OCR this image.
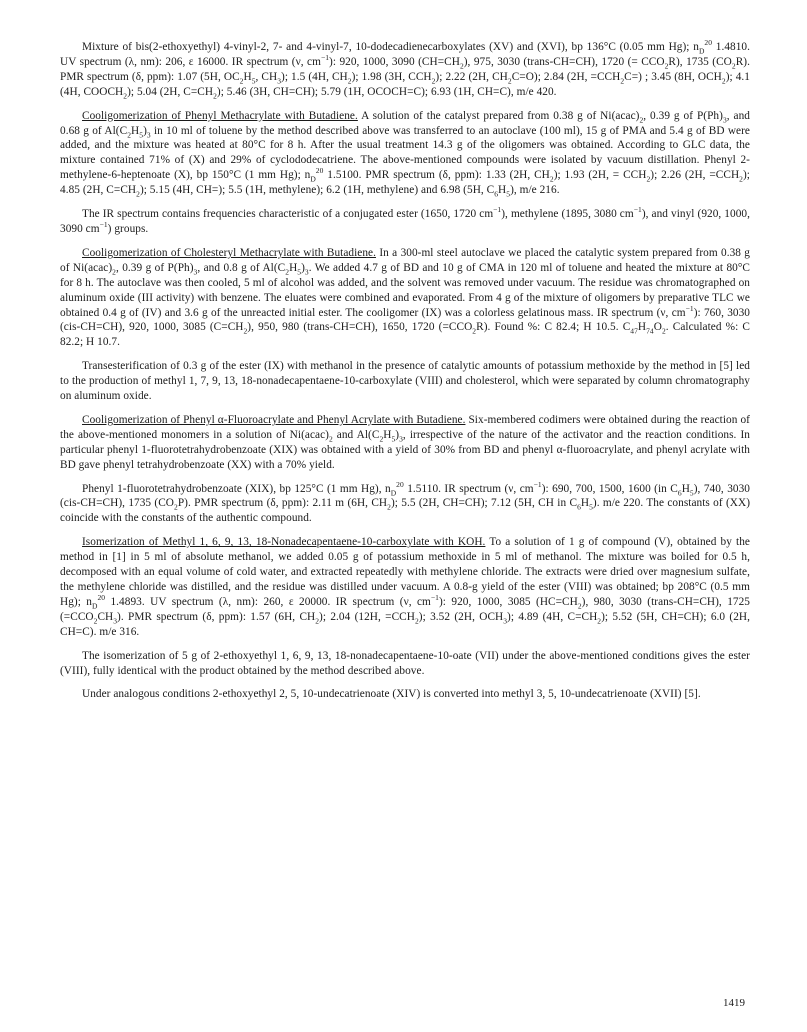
Mixture of bis(2-ethoxyethyl) 4-vinyl-2, 7- and 4-vinyl-7, 10-dodecadienecarboxylates (XV) and (XVI), bp 136°C (0.05 mm Hg); $n_D^{20}$ 1.4810. UV spectrum (λ, nm): 206, ε 16000. IR spectrum (ν, $cm^{-1}$): 920, 1000, 3090 $(CH=CH_2)$, 975, 3030 (trans-CH=CH), 1720 (= $CCO_2R$), 1735 $(CO_2R)$. PMR spectrum (δ, ppm): 1.07 (5H, $OC_2H_5$, $CH_3$); 1.5 (4H, $CH_2$); 1.98 (3H, $CCH_2$); 2.22 (2H, $CH_2C=O$); 2.84 (2H, $=CCH_2C=$) ; 3.45 (8H, $OCH_2$); 4.1 (4H, $COOCH_2$); 5.04 (2H, $C=CH_2$); 5.46 (3H, CH=CH); 5.79 (1H, OCOCH=C); 6.93 (1H, CH=C), m/e 420.

Cooligomerization of Phenyl Methacrylate with Butadiene. A solution of the catalyst prepared from 0.38 g of $Ni(acac)_2$, 0.39 g of $P(Ph)_3$, and 0.68 g of $Al(C_2H_5)_3$ in 10 ml of toluene by the method described above was transferred to an autoclave (100 ml), 15 g of PMA and 5.4 g of BD were added, and the mixture was heated at 80°C for 8 h. After the usual treatment 14.3 g of the oligomers was obtained. According to GLC data, the mixture contained 71% of (X) and 29% of cyclododecatriene. The above-mentioned compounds were isolated by vacuum distillation. Phenyl 2-methylene-6-heptenoate (X), bp 150°C (1 mm Hg); $n_D^{20}$ 1.5100. PMR spectrum (δ, ppm): 1.33 (2H, $CH_2$); 1.93 (2H, = $CCH_2$); 2.26 (2H, $=CCH_2$); 4.85 (2H, $C=CH_2$); 5.15 (4H, CH=); 5.5 (1H, methylene); 6.2 (1H, methylene) and 6.98 (5H, $C_6H_5$), m/e 216.

The IR spectrum contains frequencies characteristic of a conjugated ester (1650, 1720 $cm^{-1}$), methylene (1895, 3080 $cm^{-1}$), and vinyl (920, 1000, 3090 $cm^{-1}$) groups.

Cooligomerization of Cholesteryl Methacrylate with Butadiene. In a 300-ml steel autoclave we placed the catalytic system prepared from 0.38 g of $Ni(acac)_2$, 0.39 g of $P(Ph)_3$, and 0.8 g of $Al(C_2H_5)_3$. We added 4.7 g of BD and 10 g of CMA in 120 ml of toluene and heated the mixture at 80°C for 8 h. The autoclave was then cooled, 5 ml of alcohol was added, and the solvent was removed under vacuum. The residue was chromatographed on aluminum oxide (III activity) with benzene. The eluates were combined and evaporated. From 4 g of the mixture of oligomers by preparative TLC we obtained 0.4 g of (IV) and 3.6 g of the unreacted initial ester. The cooligomer (IX) was a colorless gelatinous mass. IR spectrum (ν, $cm^{-1}$): 760, 3030 (cis-CH=CH), 920, 1000, 3085 $(C=CH_2)$, 950, 980 (trans-CH=CH), 1650, 1720 $(=CCO_2R)$. Found %: C 82.4; H 10.5. $C_{47}H_{74}O_2$. Calculated %: C 82.2; H 10.7.

Transesterification of 0.3 g of the ester (IX) with methanol in the presence of catalytic amounts of potassium methoxide by the method in [5] led to the production of methyl 1, 7, 9, 13, 18-nonadecapentaene-10-carboxylate (VIII) and cholesterol, which were separated by column chromatography on aluminum oxide.

Cooligomerization of Phenyl α-Fluoroacrylate and Phenyl Acrylate with Butadiene. Six-membered codimers were obtained during the reaction of the above-mentioned monomers in a solution of $Ni(acac)_2$ and $Al(C_2H_5)_3$, irrespective of the nature of the activator and the reaction conditions. In particular phenyl 1-fluorotetrahydrobenzoate (XIX) was obtained with a yield of 30% from BD and phenyl α-fluoroacrylate, and phenyl acrylate with BD gave phenyl tetrahydrobenzoate (XX) with a 70% yield.

Phenyl 1-fluorotetrahydrobenzoate (XIX), bp 125°C (1 mm Hg), $n_D^{20}$ 1.5110. IR spectrum (ν, $cm^{-1}$): 690, 700, 1500, 1600 (in $C_6H_5$), 740, 3030 (cis-CH=CH), 1735 $(CO_2P)$. PMR spectrum (δ, ppm): 2.11 m (6H, $CH_2$); 5.5 (2H, CH=CH); 7.12 (5H, CH in $C_6H_5$). m/e 220. The constants of (XX) coincide with the constants of the authentic compound.

Isomerization of Methyl 1, 6, 9, 13, 18-Nonadecapentaene-10-carboxylate with KOH. To a solution of 1 g of compound (V), obtained by the method in [1] in 5 ml of absolute methanol, we added 0.05 g of potassium methoxide in 5 ml of methanol. The mixture was boiled for 0.5 h, decomposed with an equal volume of cold water, and extracted repeatedly with methylene chloride. The extracts were dried over magnesium sulfate, the methylene chloride was distilled, and the residue was distilled under vacuum. A 0.8-g yield of the ester (VIII) was obtained; bp 208°C (0.5 mm Hg); $n_D^{20}$ 1.4893. UV spectrum (λ, nm): 260, ε 20000. IR spectrum (ν, $cm^{-1}$): 920, 1000, 3085 $(HC=CH_2)$, 980, 3030 (trans-CH=CH), 1725 $(=CCO_2CH_3)$. PMR spectrum (δ, ppm): 1.57 (6H, $CH_2$); 2.04 (12H, $=CCH_2$); 3.52 (2H, $OCH_3$); 4.89 (4H, $C=CH_2$); 5.52 (5H, CH=CH); 6.0 (2H, CH=C). m/e 316.

The isomerization of 5 g of 2-ethoxyethyl 1, 6, 9, 13, 18-nonadecapentaene-10-oate (VII) under the above-mentioned conditions gives the ester (VIII), fully identical with the product obtained by the method described above.

Under analogous conditions 2-ethoxyethyl 2, 5, 10-undecatrienoate (XIV) is converted into methyl 3, 5, 10-undecatrienoate (XVII) [5].

1419
